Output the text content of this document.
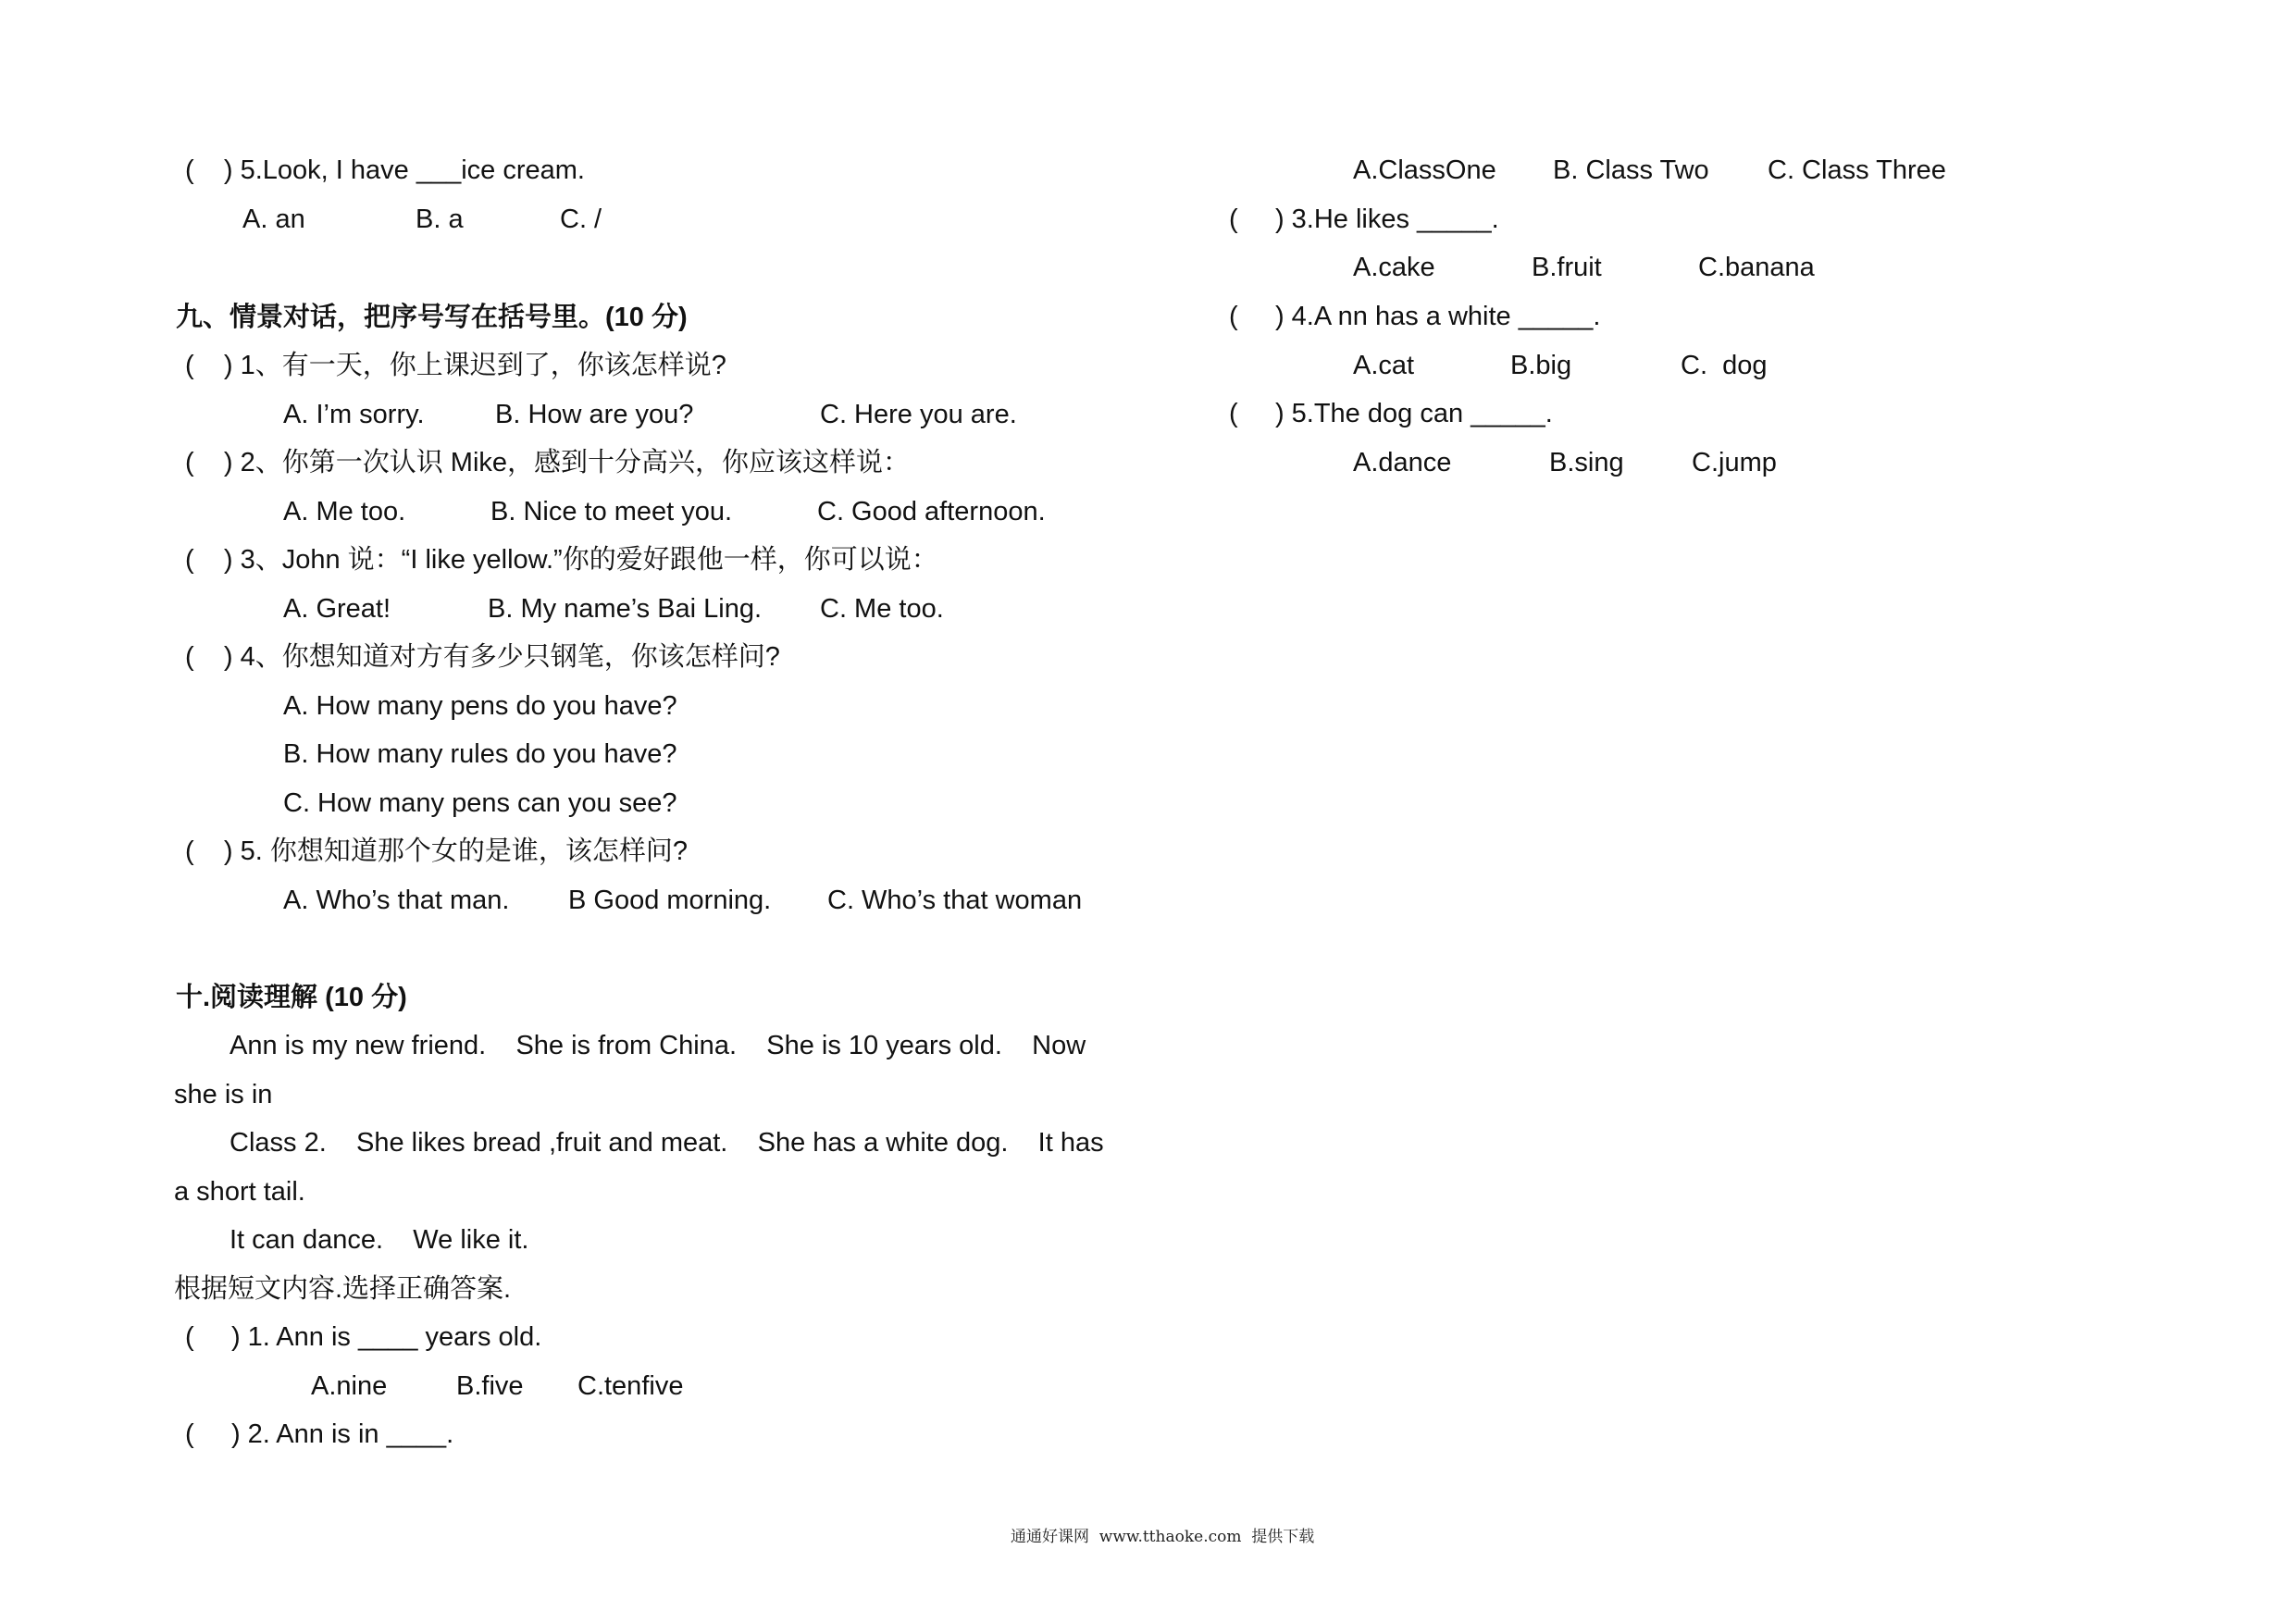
(    ) 5.Look, I have ___ice cream.
A. an	B. a	C. /
九、情景对话，把序号写在括号里。(10 分)
(    ) 1、有一天，你上课迟到了，你该怎样说?
A. I’m sorry.	B. How are you?	C. Here you are.
(    ) 2、你第一次认识 Mike，感到十分高兴，你应该这样说：
A. Me too.	B. Nice to meet you.	C. Good afternoon.
(    ) 3、John 说：“I like yellow.”你的爱好跟他一样，你可以说：
A. Great!	B. My name’s Bai Ling. C. Me too.
(    ) 4、你想知道对方有多少只钢笔，你该怎样问?
A. How many pens do you have?
B. How many rules do you have?
C. How many pens can you see?
(    ) 5. 你想知道那个女的是谁，该怎样问?
A. Who’s that man. B Good morning. C. Who’s that woman
十.阅读理解 (10 分)
Ann is my new friend.    She is from China.    She is 10 years old.    Now
she is in
Class 2.    She likes bread ,fruit and meat.    She has a white dog.    It has
a short tail.
It can dance.    We like it.
根据短文内容.选择正确答案.
(     ) 1. Ann is ____ years old.
A.nine	B.five C.tenfive
(     ) 2. Ann is in ____.
A.ClassOne B. Class Two C. Class Three
(     ) 3.He likes _____.
A.cake	B.fruit	C.banana
(     ) 4.A nn has a white _____.
A.cat	B.big	C.  dog
(     ) 5.The dog can _____.
A.dance	B.sing	C.jump
通通好课网  www.tthaoke.com  提供下载
